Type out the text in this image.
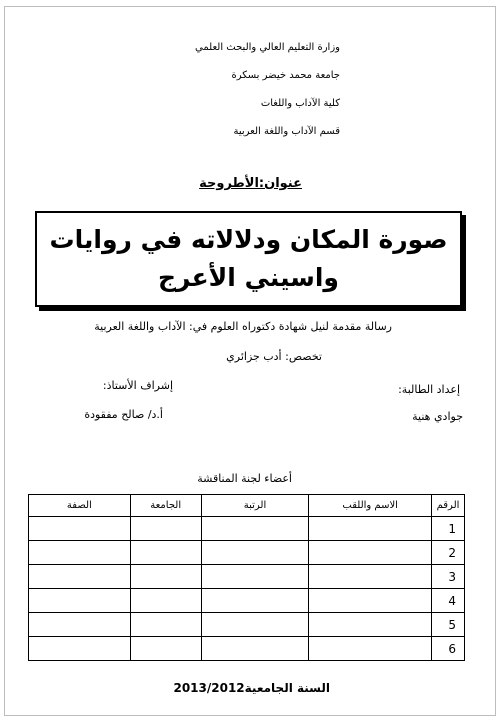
وزارة التعليم العالي والبحث العلمي
جامعة محمد خيضر بسكرة
كلية الآداب واللغات
قسم الآداب واللغة العربية
عنوان:الأطروحة
صورة المكان ودلالاته في روايات
واسيني الأعرج
رسالة مقدمة لنيل شهادة دكتوراه العلوم في: الآداب واللغة العربية
تخصص: أدب جزائري
إعداد الطالبة:
إشراف الأستاذ:
جوادي هنية
أ.د/ صالح مفقودة
أعضاء لجنة المناقشة
الرقم	الاسم واللقب	الرتبة	الجامعة	الصفة
1				
2				
3				
4				
5				
6				
السنة الجامعية2013/2012
